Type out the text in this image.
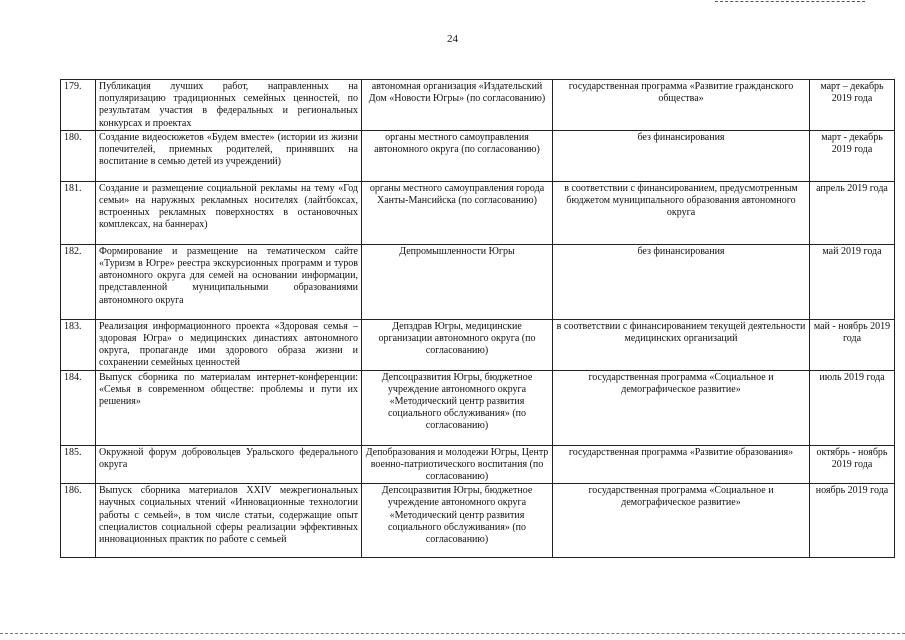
24
179.	Публикация лучших работ, направленных на популяризацию традиционных семейных ценностей, по результатам участия в федеральных и региональных конкурсах и проектах	автономная организация «Издательский Дом «Новости Югры» (по согласованию)	государственная программа «Развитие гражданского общества»	март – декабрь 2019 года
180.	Создание видеосюжетов «Будем вместе» (истории из жизни попечителей, приемных родителей, принявших на воспитание в семью детей из учреждений)	органы местного самоуправления автономного округа (по согласованию)	без финансирования	март - декабрь 2019 года
181.	Создание и размещение социальной рекламы на тему «Год семьи» на наружных рекламных носителях (лайтбоксах, встроенных рекламных поверхностях в остановочных комплексах, на баннерах)	органы местного самоуправления города Ханты-Мансийска (по согласованию)	в соответствии с финансированием, предусмотренным бюджетом муниципального образования автономного округа	апрель 2019 года
182.	Формирование и размещение на тематическом сайте «Туризм в Югре» реестра экскурсионных программ и туров автономного округа для семей на основании информации, представленной муниципальными образованиями автономного округа	Депромышленности Югры	без финансирования	май 2019 года
183.	Реализация информационного проекта «Здоровая семья – здоровая Югра» о медицинских династиях автономного округа, пропаганде ими здорового образа жизни и сохранении семейных ценностей	Депздрав Югры, медицинские организации автономного округа (по согласованию)	в соответствии с финансированием текущей деятельности медицинских организаций	май - ноябрь 2019 года
184.	Выпуск сборника по материалам интернет-конференции: «Семья в современном обществе: проблемы и пути их решения»	Депсоцразвития Югры, бюджетное учреждение автономного округа «Методический центр развития социального обслуживания» (по согласованию)	государственная программа «Социальное и демографическое развитие»	июль 2019 года
185.	Окружной форум добровольцев Уральского федерального округа	Депобразования и молодежи Югры, Центр военно-патриотического воспитания (по согласованию)	государственная программа «Развитие образования»	октябрь - ноябрь 2019 года
186.	Выпуск сборника материалов XXIV межрегиональных научных социальных чтений «Инновационные технологии работы с семьей», в том числе статьи, содержащие опыт специалистов социальной сферы реализации эффективных инновационных практик по работе с семьей	Депсоцразвития Югры, бюджетное учреждение автономного округа «Методический центр развития социального обслуживания» (по согласованию)	государственная программа «Социальное и демографическое развитие»	ноябрь 2019 года
